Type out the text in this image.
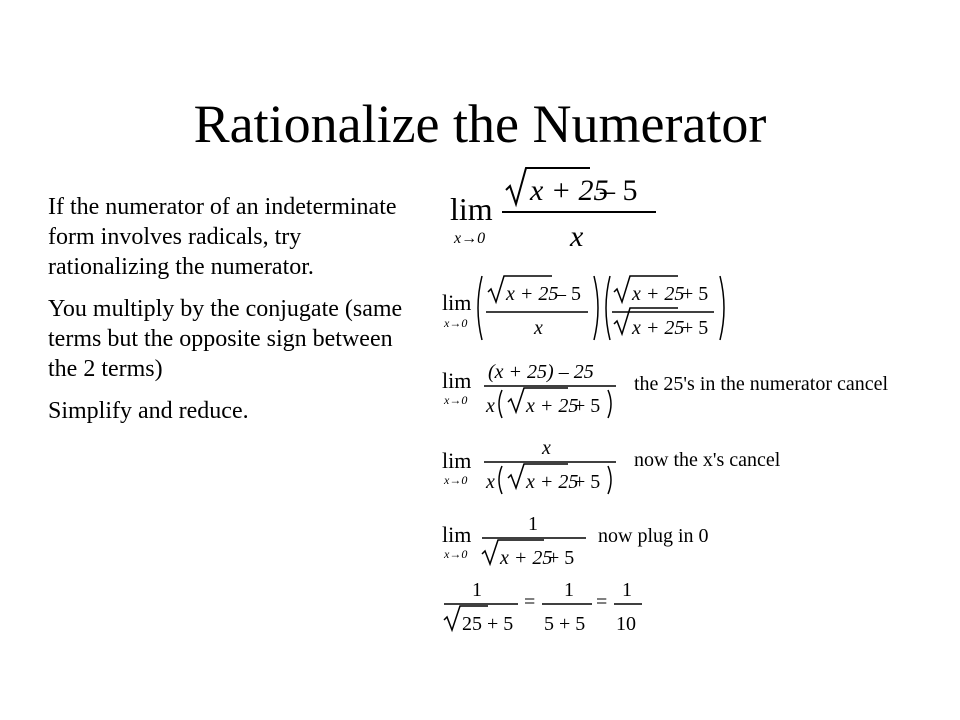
Rationalize the Numerator

If the numerator of an indeterminate form involves radicals, try rationalizing the numerator.

You multiply by the conjugate (same terms but the opposite sign between the 2 terms)

Simplify and reduce.

lim
x→0
x + 25
– 5
x
lim
x→0
x + 25
– 5
x
x + 25
+ 5
x + 25
+ 5
lim
x→0
(x + 25) – 25
x x + 25
+ 5
the 25's in the numerator cancel
lim
x→0
x
x x + 25
+ 5
now the x's cancel
lim
x→0
1
x + 25
+ 5
now plug in 0
1
25 + 5
=
1
5 + 5
=
1
10
